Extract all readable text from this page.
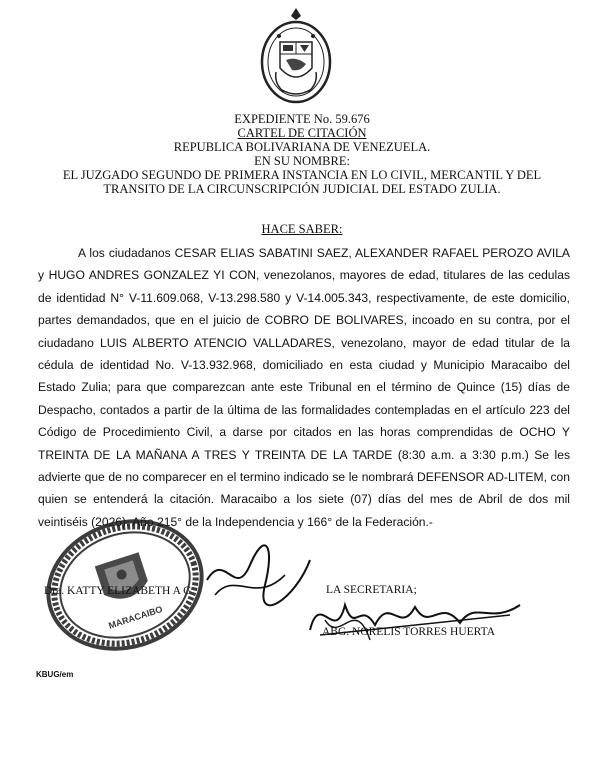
EXPEDIENTE No. 59.676
CARTEL DE CITACIÓN
REPUBLICA BOLIVARIANA DE VENEZUELA.
EN SU NOMBRE:
EL JUZGADO SEGUNDO DE PRIMERA INSTANCIA EN LO CIVIL, MERCANTIL Y DEL
TRANSITO DE LA CIRCUNSCRIPCIÓN JUDICIAL DEL ESTADO ZULIA.
HACE SABER:

A los ciudadanos CESAR ELIAS SABATINI SAEZ, ALEXANDER RAFAEL PEROZO AVILA y HUGO ANDRES GONZALEZ YI CON, venezolanos, mayores de edad, titulares de las cedulas de identidad N° V-11.609.068, V-13.298.580 y V-14.005.343, respectivamente, de este domicilio, partes demandados, que en el juicio de COBRO DE BOLIVARES, incoado en su contra, por el ciudadano LUIS ALBERTO ATENCIO VALLADARES, venezolano, mayor de edad titular de la cédula de identidad No. V-13.932.968, domiciliado en esta ciudad y Municipio Maracaibo del Estado Zulia; para que comparezcan ante este Tribunal en el término de Quince (15) días de Despacho, contados a partir de la última de las formalidades contempladas en el artículo 223 del Código de Procedimiento Civil, a darse por citados en las horas comprendidas de OCHO Y TREINTA DE LA MAÑANA A TRES Y TREINTA DE LA TARDE (8:30 a.m. a 3:30 p.m.) Se les advierte que de no comparecer en el termino indicado se le nombrará DEFENSOR AD-LITEM, con quien se entenderá la citación. Maracaibo a los siete (07) días del mes de Abril de dos mil veintiséis (2026). Año 215° de la Independencia y 166° de la Federación.-

MARACAIBO
Dra. KATTY ELIZABETH A G	LA SECRETARIA;
ABG. NORELIS TORRES HUERTA
KBUG/em
